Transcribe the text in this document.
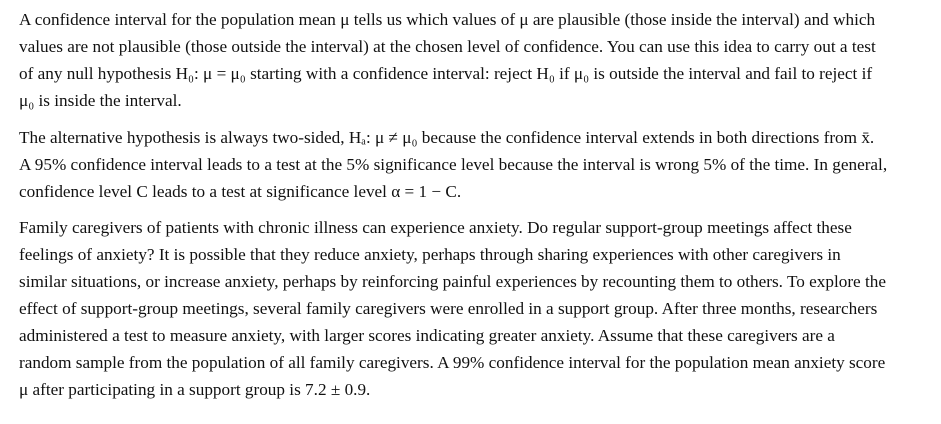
A confidence interval for the population mean μ tells us which values of μ are plausible (those inside the interval) and which
values are not plausible (those outside the interval) at the chosen level of confidence. You can use this idea to carry out a test
of any null hypothesis H₀: μ = μ₀ starting with a confidence interval: reject H₀ if μ₀ is outside the interval and fail to reject if
μ₀ is inside the interval.
The alternative hypothesis is always two-sided, Hₐ: μ ≠ μ₀ because the confidence interval extends in both directions from x̄.
A 95% confidence interval leads to a test at the 5% significance level because the interval is wrong 5% of the time. In general,
confidence level C leads to a test at significance level α = 1 − C.
Family caregivers of patients with chronic illness can experience anxiety. Do regular support-group meetings affect these
feelings of anxiety? It is possible that they reduce anxiety, perhaps through sharing experiences with other caregivers in
similar situations, or increase anxiety, perhaps by reinforcing painful experiences by recounting them to others. To explore the
effect of support-group meetings, several family caregivers were enrolled in a support group. After three months, researchers
administered a test to measure anxiety, with larger scores indicating greater anxiety. Assume that these caregivers are a
random sample from the population of all family caregivers. A 99% confidence interval for the population mean anxiety score
μ after participating in a support group is 7.2 ± 0.9.
